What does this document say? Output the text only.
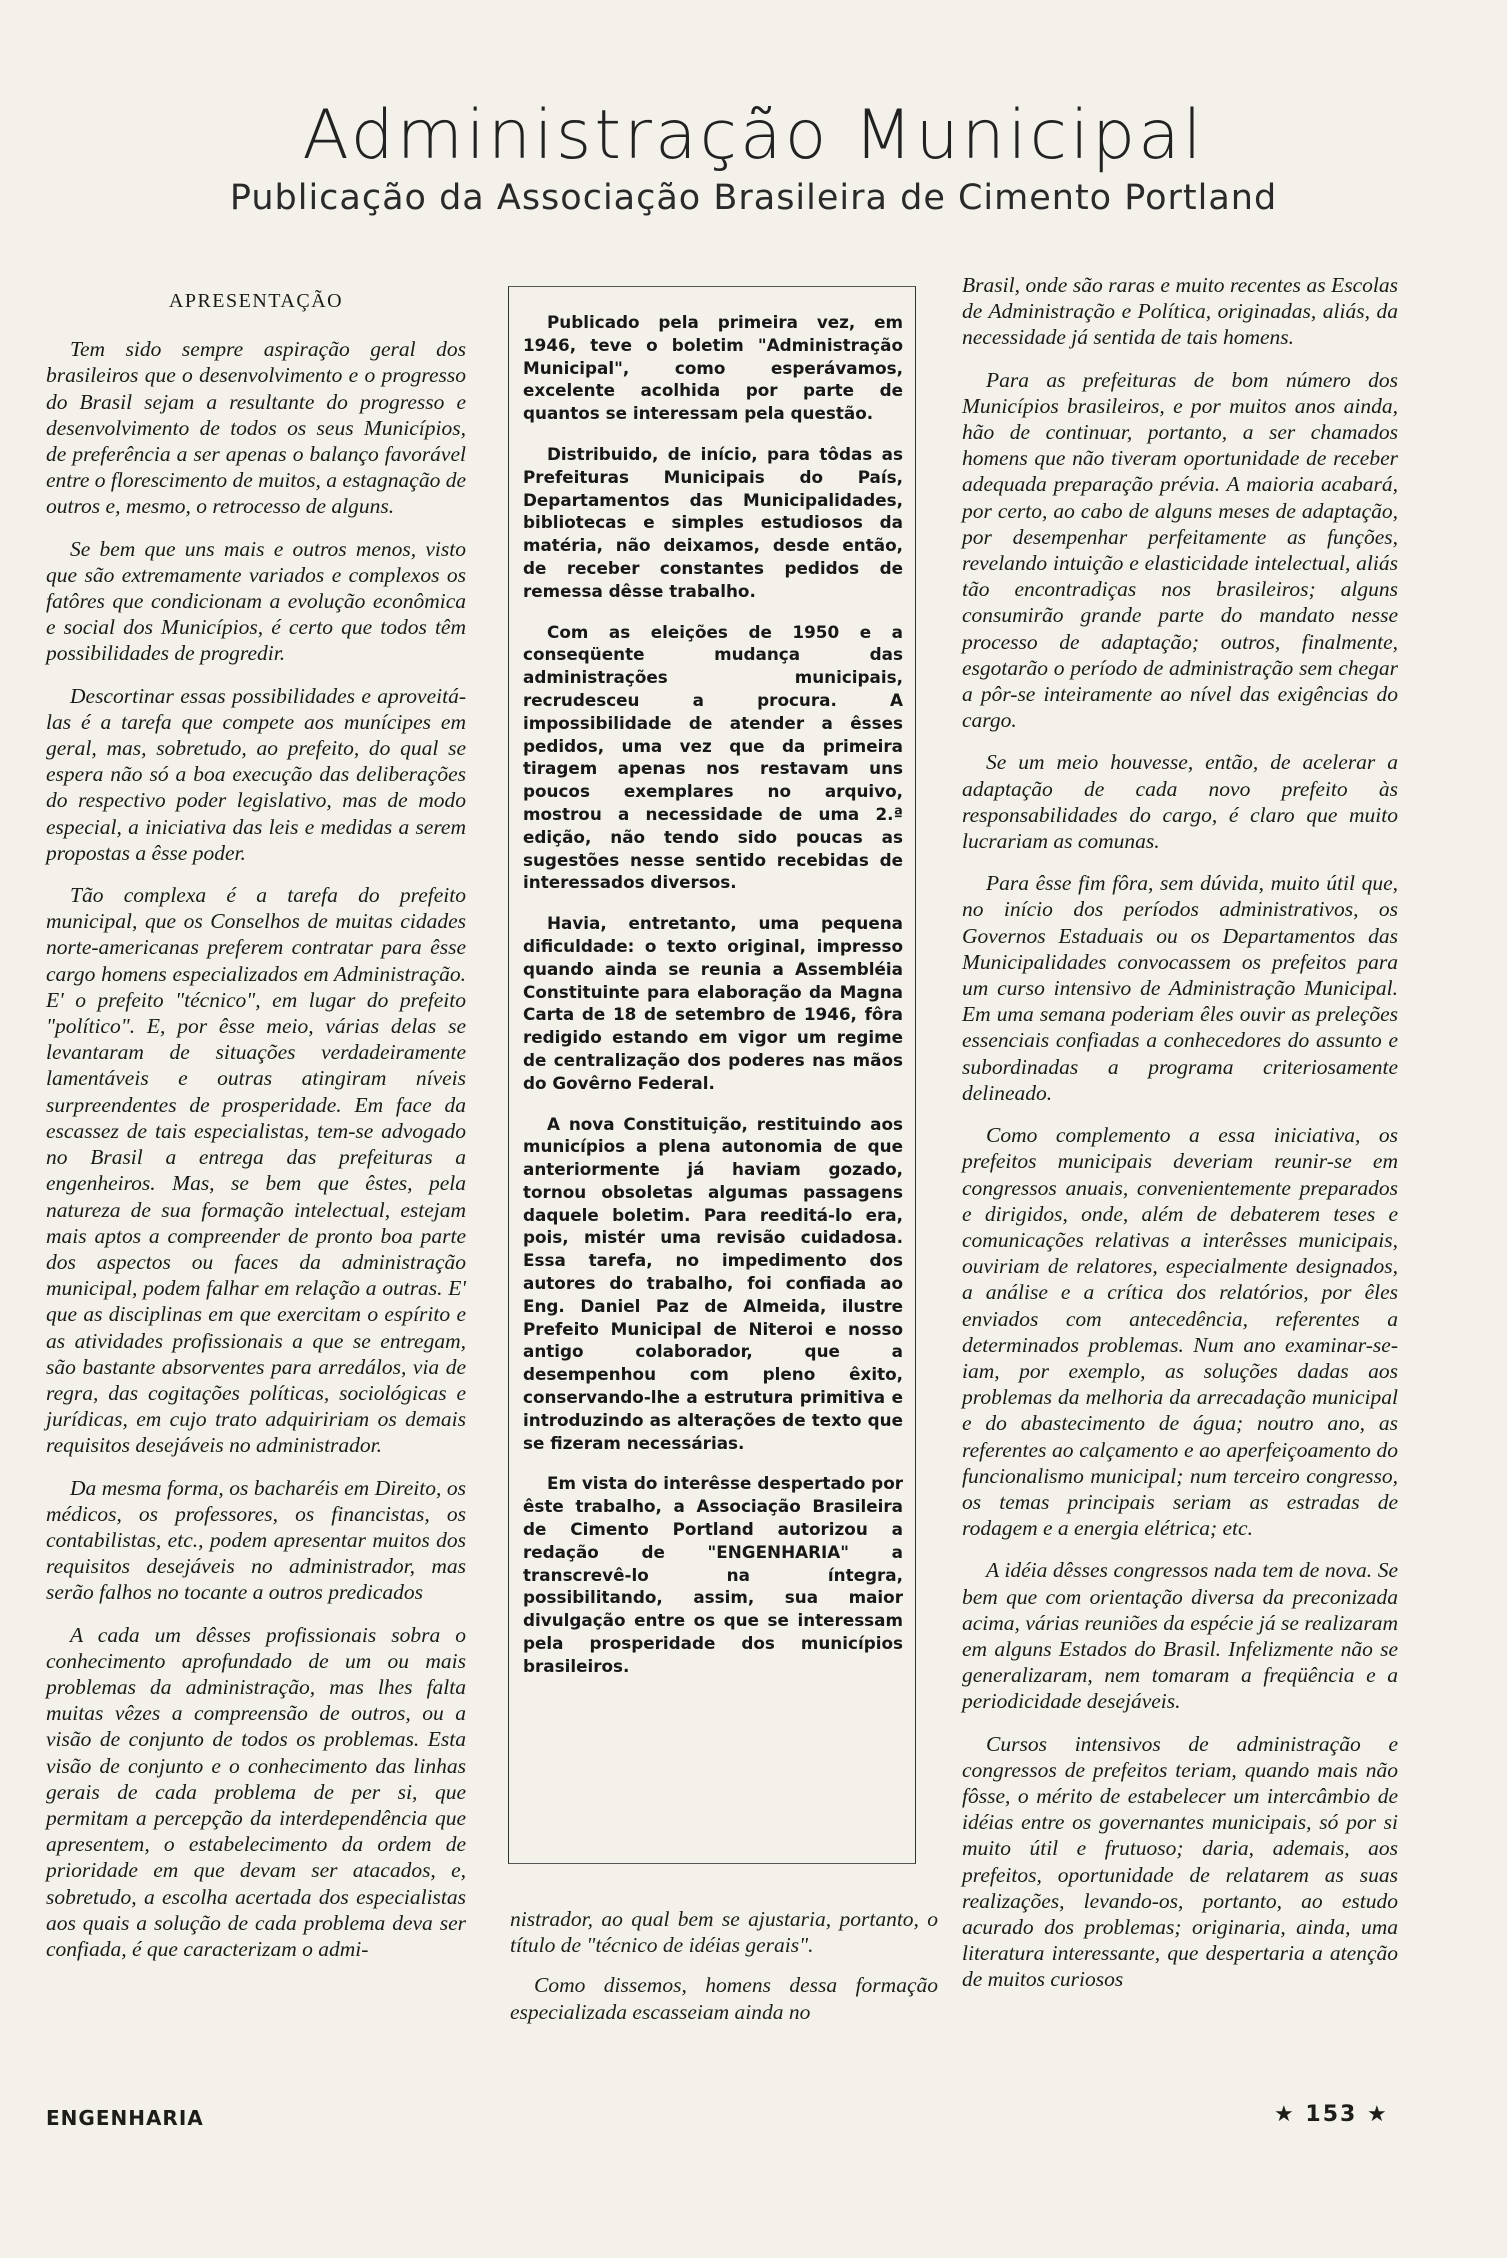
Administração Municipal
Publicação da Associação Brasileira de Cimento Portland
APRESENTAÇÃO

Tem sido sempre aspiração geral dos brasileiros que o desenvolvimento e o progresso do Brasil sejam a resultante do progresso e desenvolvimento de todos os seus Municípios, de preferência a ser apenas o balanço favorável entre o florescimento de muitos, a estagnação de outros e, mesmo, o retrocesso de alguns.

Se bem que uns mais e outros menos, visto que são extremamente variados e complexos os fatôres que condicionam a evolução econômica e social dos Municípios, é certo que todos têm possibilidades de progredir.

Descortinar essas possibilidades e aproveitá-las é a tarefa que compete aos munícipes em geral, mas, sobretudo, ao prefeito, do qual se espera não só a boa execução das deliberações do respectivo poder legislativo, mas de modo especial, a iniciativa das leis e medidas a serem propostas a êsse poder.

Tão complexa é a tarefa do prefeito municipal, que os Conselhos de muitas cidades norte-americanas preferem contratar para êsse cargo homens especializados em Administração. E' o prefeito "técnico", em lugar do prefeito "político". E, por êsse meio, várias delas se levantaram de situações verdadeiramente lamentáveis e outras atingiram níveis surpreendentes de prosperidade. Em face da escassez de tais especialistas, tem-se advogado no Brasil a entrega das prefeituras a engenheiros. Mas, se bem que êstes, pela natureza de sua formação intelectual, estejam mais aptos a compreender de pronto boa parte dos aspectos ou faces da administração municipal, podem falhar em relação a outras. E' que as disciplinas em que exercitam o espírito e as atividades profissionais a que se entregam, são bastante absorventes para arredálos, via de regra, das cogitações políticas, sociológicas e jurídicas, em cujo trato adquiririam os demais requisitos desejáveis no administrador.

Da mesma forma, os bacharéis em Direito, os médicos, os professores, os financistas, os contabilistas, etc., podem apresentar muitos dos requisitos desejáveis no administrador, mas serão falhos no tocante a outros predicados

A cada um dêsses profissionais sobra o conhecimento aprofundado de um ou mais problemas da administração, mas lhes falta muitas vêzes a compreensão de outros, ou a visão de conjunto de todos os problemas. Esta visão de conjunto e o conhecimento das linhas gerais de cada problema de per si, que permitam a percepção da interdependência que apresentem, o estabelecimento da ordem de prioridade em que devam ser atacados, e, sobretudo, a escolha acertada dos especialistas aos quais a solução de cada problema deva ser confiada, é que caracterizam o admi-

Publicado pela primeira vez, em 1946, teve o boletim "Administração Municipal", como esperávamos, excelente acolhida por parte de quantos se interessam pela questão.

Distribuido, de início, para tôdas as Prefeituras Municipais do País, Departamentos das Municipalidades, bibliotecas e simples estudiosos da matéria, não deixamos, desde então, de receber constantes pedidos de remessa dêsse trabalho.

Com as eleições de 1950 e a conseqüente mudança das administrações municipais, recrudesceu a procura. A impossibilidade de atender a êsses pedidos, uma vez que da primeira tiragem apenas nos restavam uns poucos exemplares no arquivo, mostrou a necessidade de uma 2.ª edição, não tendo sido poucas as sugestões nesse sentido recebidas de interessados diversos.

Havia, entretanto, uma pequena dificuldade: o texto original, impresso quando ainda se reunia a Assembléia Constituinte para elaboração da Magna Carta de 18 de setembro de 1946, fôra redigido estando em vigor um regime de centralização dos poderes nas mãos do Govêrno Federal.

A nova Constituição, restituindo aos municípios a plena autonomia de que anteriormente já haviam gozado, tornou obsoletas algumas passagens daquele boletim. Para reeditá-lo era, pois, mistér uma revisão cuidadosa. Essa tarefa, no impedimento dos autores do trabalho, foi confiada ao Eng. Daniel Paz de Almeida, ilustre Prefeito Municipal de Niteroi e nosso antigo colaborador, que a desempenhou com pleno êxito, conservando-lhe a estrutura primitiva e introduzindo as alterações de texto que se fizeram necessárias.

Em vista do interêsse despertado por êste trabalho, a Associação Brasileira de Cimento Portland autorizou a redação de "ENGENHARIA" a transcrevê-lo na íntegra, possibilitando, assim, sua maior divulgação entre os que se interessam pela prosperidade dos municípios brasileiros.

nistrador, ao qual bem se ajustaria, portanto, o título de "técnico de idéias gerais".

Como dissemos, homens dessa formação especializada escasseiam ainda no

Brasil, onde são raras e muito recentes as Escolas de Administração e Política, originadas, aliás, da necessidade já sentida de tais homens.

Para as prefeituras de bom número dos Municípios brasileiros, e por muitos anos ainda, hão de continuar, portanto, a ser chamados homens que não tiveram oportunidade de receber adequada preparação prévia. A maioria acabará, por certo, ao cabo de alguns meses de adaptação, por desempenhar perfeitamente as funções, revelando intuição e elasticidade intelectual, aliás tão encontradiças nos brasileiros; alguns consumirão grande parte do mandato nesse processo de adaptação; outros, finalmente, esgotarão o período de administração sem chegar a pôr-se inteiramente ao nível das exigências do cargo.

Se um meio houvesse, então, de acelerar a adaptação de cada novo prefeito às responsabilidades do cargo, é claro que muito lucrariam as comunas.

Para êsse fim fôra, sem dúvida, muito útil que, no início dos períodos administrativos, os Governos Estaduais ou os Departamentos das Municipalidades convocassem os prefeitos para um curso intensivo de Administração Municipal. Em uma semana poderiam êles ouvir as preleções essenciais confiadas a conhecedores do assunto e subordinadas a programa criteriosamente delineado.

Como complemento a essa iniciativa, os prefeitos municipais deveriam reunir-se em congressos anuais, convenientemente preparados e dirigidos, onde, além de debaterem teses e comunicações relativas a interêsses municipais, ouviriam de relatores, especialmente designados, a análise e a crítica dos relatórios, por êles enviados com antecedência, referentes a determinados problemas. Num ano examinar-se-iam, por exemplo, as soluções dadas aos problemas da melhoria da arrecadação municipal e do abastecimento de água; noutro ano, as referentes ao calçamento e ao aperfeiçoamento do funcionalismo municipal; num terceiro congresso, os temas principais seriam as estradas de rodagem e a energia elétrica; etc.

A idéia dêsses congressos nada tem de nova. Se bem que com orientação diversa da preconizada acima, várias reuniões da espécie já se realizaram em alguns Estados do Brasil. Infelizmente não se generalizaram, nem tomaram a freqüência e a periodicidade desejáveis.

Cursos intensivos de administração e congressos de prefeitos teriam, quando mais não fôsse, o mérito de estabelecer um intercâmbio de idéias entre os governantes municipais, só por si muito útil e frutuoso; daria, ademais, aos prefeitos, oportunidade de relatarem as suas realizações, levando-os, portanto, ao estudo acurado dos problemas; originaria, ainda, uma literatura interessante, que despertaria a atenção de muitos curiosos

ENGENHARIA	★ 153 ★
